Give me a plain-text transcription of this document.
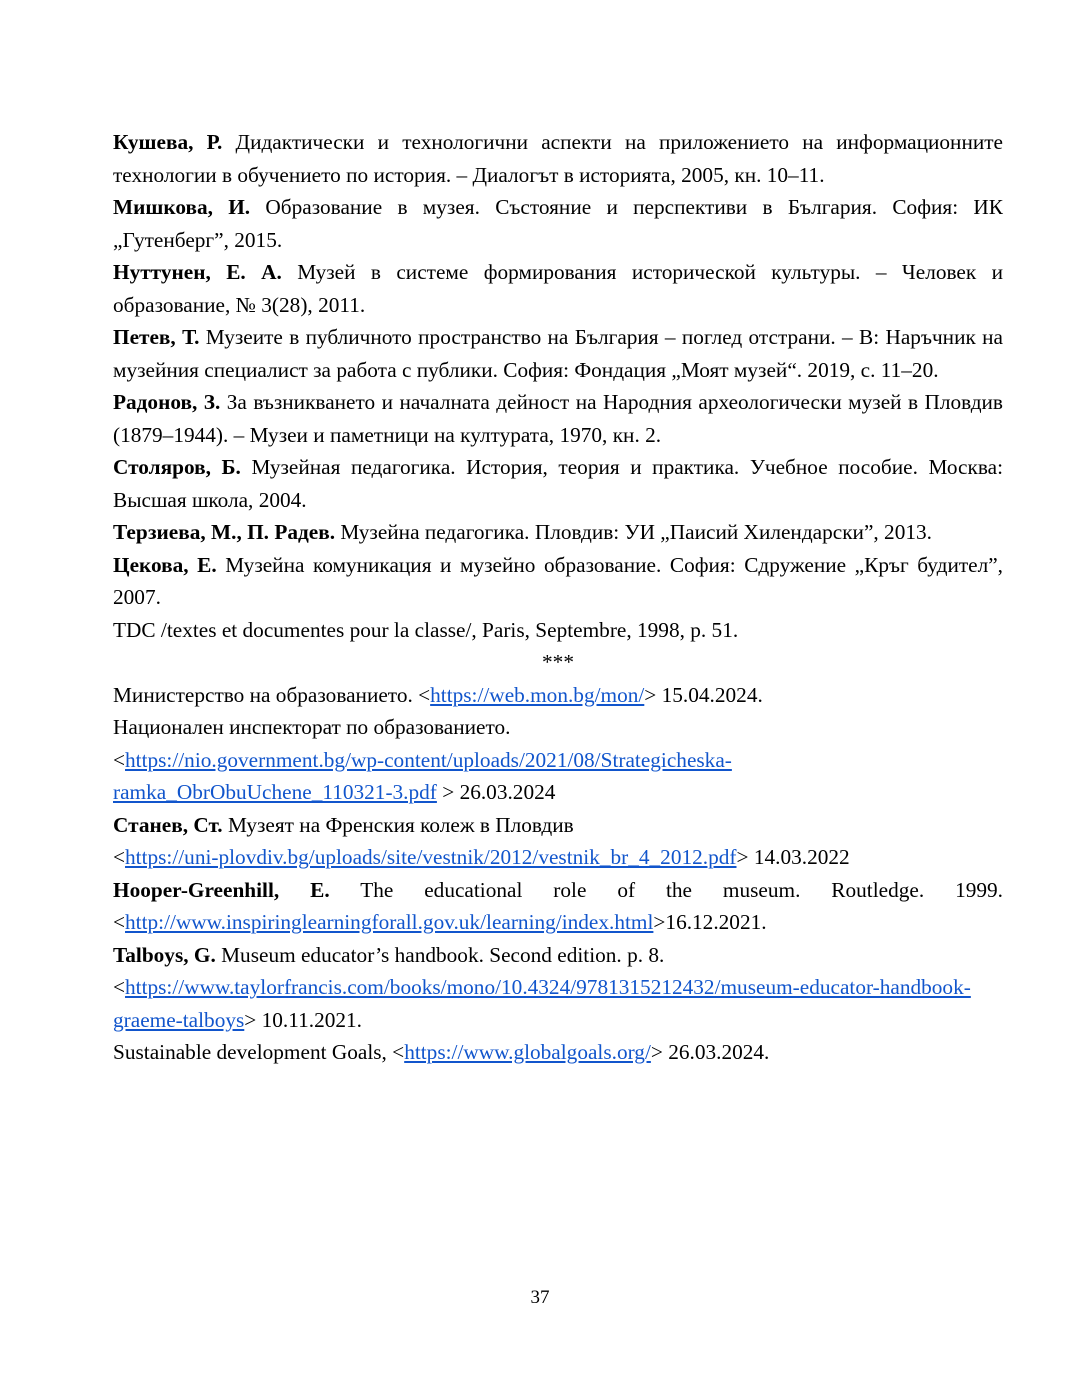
Кушева, Р. Дидактически и технологични аспекти на приложението на информационните технологии в обучението по история. – Диалогът в историята, 2005, кн. 10–11.

Мишкова, И. Образование в музея. Състояние и перспективи в България. София: ИК „Гутенберг”, 2015.

Нуттунен, Е. А. Музей в системе формирования исторической культуры. – Человек и образование, № 3(28), 2011.

Петев, Т. Музеите в публичното пространство на България – поглед отстрани. – В: Наръчник на музейния специалист за работа с публики. София: Фондация „Моят музей“. 2019, с. 11–20.

Радонов, З. За възникването и началната дейност на Народния археологически музей в Пловдив (1879–1944). – Музеи и паметници на културата, 1970, кн. 2.

Столяров, Б. Музейная педагогика. История, теория и практика. Учебное пособие. Москва: Высшая школа, 2004.

Терзиева, М., П. Радев. Музейна педагогика. Пловдив: УИ „Паисий Хилендарски”, 2013.

Цекова, Е. Музейна комуникация и музейно образование. София: Сдружение „Кръг будител”, 2007.

TDC /textes et documentes pour la classe/, Paris, Septembre, 1998, p. 51.

***

Министерство на образованието. <https://web.mon.bg/mon/> 15.04.2024.

Национален инспекторат по образованието.
<https://nio.government.bg/wp-content/uploads/2021/08/Strategicheska-ramka_ObrObuUchene_110321-3.pdf > 26.03.2024

Станев, Ст. Музеят на Френския колеж в Пловдив
<https://uni-plovdiv.bg/uploads/site/vestnik/2012/vestnik_br_4_2012.pdf> 14.03.2022

Hooper-Greenhill, E. The educational role of the museum. Routledge. 1999. <http://www.inspiringlearningforall.gov.uk/learning/index.html>16.12.2021.

Talboys, G. Museum educator’s handbook. Second edition. p. 8.
<https://www.taylorfrancis.com/books/mono/10.4324/9781315212432/museum-educator-handbook-graeme-talboys> 10.11.2021.

Sustainable development Goals, <https://www.globalgoals.org/> 26.03.2024.

37
